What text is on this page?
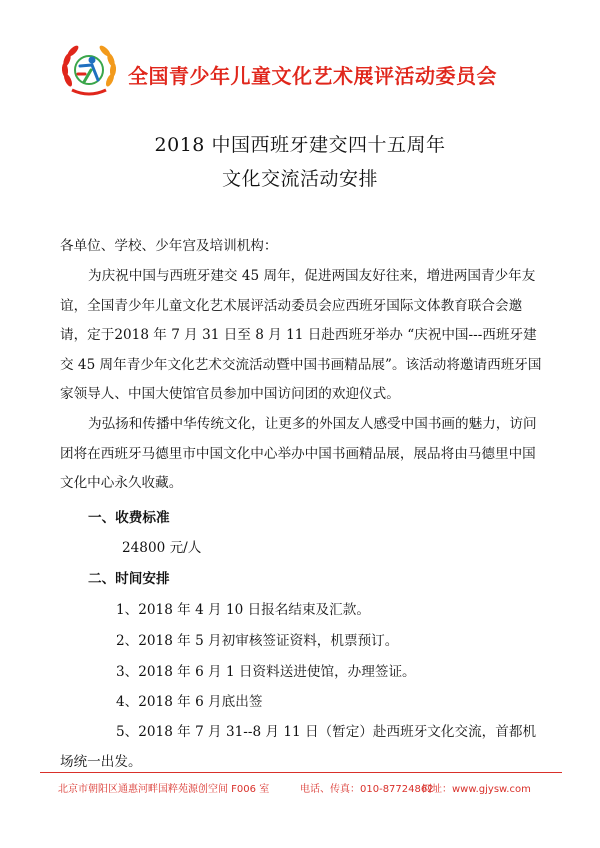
全国青少年儿童文化艺术展评活动委员会
2018 中国西班牙建交四十五周年
文化交流活动安排
各单位、学校、少年宫及培训机构：
为庆祝中国与西班牙建交 45 周年，促进两国友好往来，增进两国青少年友谊，全国青少年儿童文化艺术展评活动委员会应西班牙国际文体教育联合会邀请，定于2018 年 7 月 31 日至 8 月 11 日赴西班牙举办 “庆祝中国---西班牙建交 45 周年青少年文化艺术交流活动暨中国书画精品展”。该活动将邀请西班牙国家领导人、中国大使馆官员参加中国访问团的欢迎仪式。
为弘扬和传播中华传统文化，让更多的外国友人感受中国书画的魅力，访问团将在西班牙马德里市中国文化中心举办中国书画精品展，展品将由马德里中国文化中心永久收藏。
一、收费标准
24800 元/人
二、时间安排
1、2018 年 4 月 10 日报名结束及汇款。
2、2018 年 5 月初审核签证资料，机票预订。
3、2018 年 6 月 1 日资料送进使馆，办理签证。
4、2018 年 6 月底出签
5、2018 年 7 月 31--8 月 11 日（暂定）赴西班牙文化交流，首都机场统一出发。
北京市朝阳区通惠河畔国粹苑源创空间 F006 室	电话、传真：010-87724862
网址：www.gjysw.com
